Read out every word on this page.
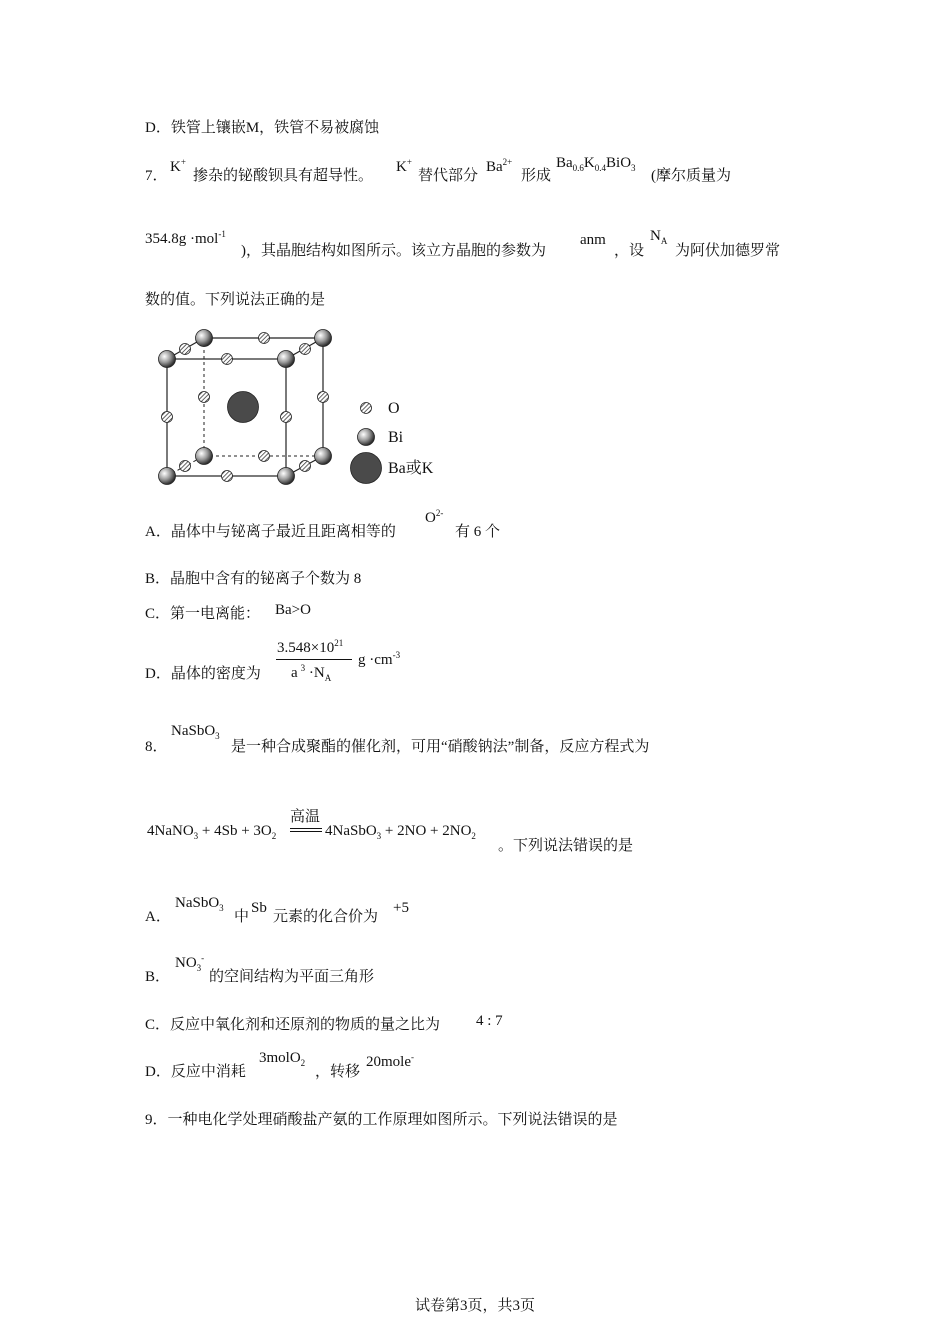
D．铁管上镶嵌M，铁管不易被腐蚀
7．
K+
掺杂的铋酸钡具有超导性。
K+
替代部分
$Ba^{2+}$
形成
$Ba_{0.6}K_{0.4}BiO_3$ (摩尔质量为
354.8g ·mol$^{-1}$
)，其晶胞结构如图所示。该立方晶胞的参数为
anm
，设
$N_A$
为阿伏加德罗常
数的值。下列说法正确的是
O
Bi
Ba或K
A．晶体中与铋离子最近且距离相等的
$O^{2-}$
有 6 个
B．晶胞中含有的铋离子个数为 8
C．第一电离能： Ba>O
D．晶体的密度为
$3.548\times 10^{21}$
a $^3 \cdot N_A$
$g \cdot cm^{-3}$
8．
NaSbO$_3$
是一种合成聚酯的催化剂，可用“硝酸钠法”制备，反应方程式为
4NaNO$_3$ + $4Sb + 3O_2$
高温
4NaSbO$_3$ + $2NO + 2NO_2$
。下列说法错误的是
A．
NaSbO$_3$
中
Sb
元素的化合价为
+5
B．
$NO_3^-$
的空间结构为平面三角形
C．反应中氧化剂和还原剂的物质的量之比为 4 : 7
D．反应中消耗
3molO$_2$
，转移
20mole-
9．一种电化学处理硝酸盐产氨的工作原理如图所示。下列说法错误的是
试卷第3页，共3页
